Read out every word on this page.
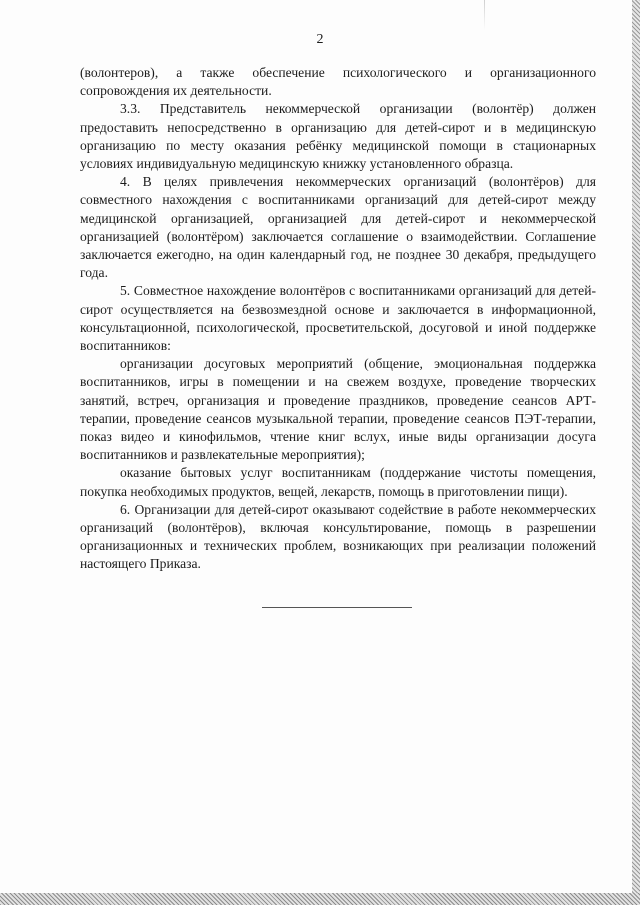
2

(волонтеров), а также обеспечение психологического и организационного сопровождения их деятельности.

3.3. Представитель некоммерческой организации (волонтёр) должен предоставить непосредственно в организацию для детей-сирот и в медицинскую организацию по месту оказания ребёнку медицинской помощи в стационарных условиях индивидуальную медицинскую книжку установленного образца.

4. В целях привлечения некоммерческих организаций (волонтёров) для совместного нахождения с воспитанниками организаций для детей-сирот между медицинской организацией, организацией для детей-сирот и некоммерческой организацией (волонтёром) заключается соглашение о взаимодействии. Соглашение заключается ежегодно, на один календарный год, не позднее 30 декабря, предыдущего года.

5. Совместное нахождение волонтёров с воспитанниками организаций для детей-сирот осуществляется на безвозмездной основе и заключается в информационной, консультационной, психологической, просветительской, досуговой и иной поддержке воспитанников:

организации досуговых мероприятий (общение, эмоциональная поддержка воспитанников, игры в помещении и на свежем воздухе, проведение творческих занятий, встреч, организация и проведение праздников, проведение сеансов АРТ-терапии, проведение сеансов музыкальной терапии, проведение сеансов ПЭТ-терапии, показ видео и кинофильмов, чтение книг вслух, иные виды организации досуга воспитанников и развлекательные мероприятия);

оказание бытовых услуг воспитанникам (поддержание чистоты помещения, покупка необходимых продуктов, вещей, лекарств, помощь в приготовлении пищи).

6. Организации для детей-сирот оказывают содействие в работе некоммерческих организаций (волонтёров), включая консультирование, помощь в разрешении организационных и технических проблем, возникающих при реализации положений настоящего Приказа.
